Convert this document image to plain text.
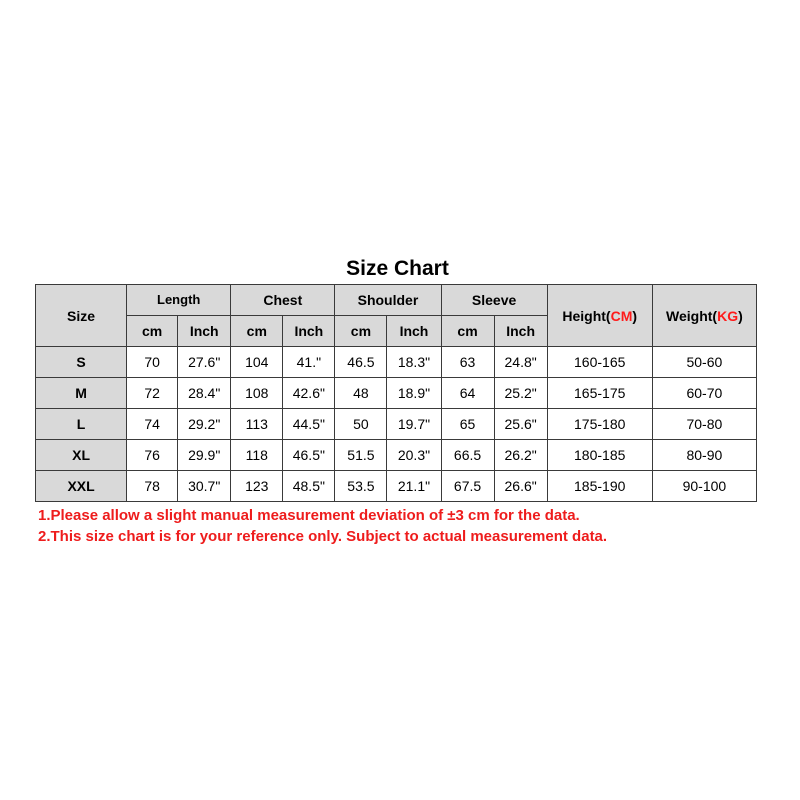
Size Chart
Size	Length		Chest		Shoulder		Sleeve		Height(CM)	Weight(KG)
	cm	Inch	cm	Inch	cm	Inch	cm	Inch		
S	70	27.6"	104	41."	46.5	18.3"	63	24.8"	160-165	50-60
M	72	28.4"	108	42.6"	48	18.9"	64	25.2"	165-175	60-70
L	74	29.2"	113	44.5"	50	19.7"	65	25.6"	175-180	70-80
XL	76	29.9"	118	46.5"	51.5	20.3"	66.5	26.2"	180-185	80-90
XXL	78	30.7"	123	48.5"	53.5	21.1"	67.5	26.6"	185-190	90-100
1.Please allow a slight manual measurement deviation of ±3 cm for the data.
2.This size chart is for your reference only. Subject to actual measurement data.
